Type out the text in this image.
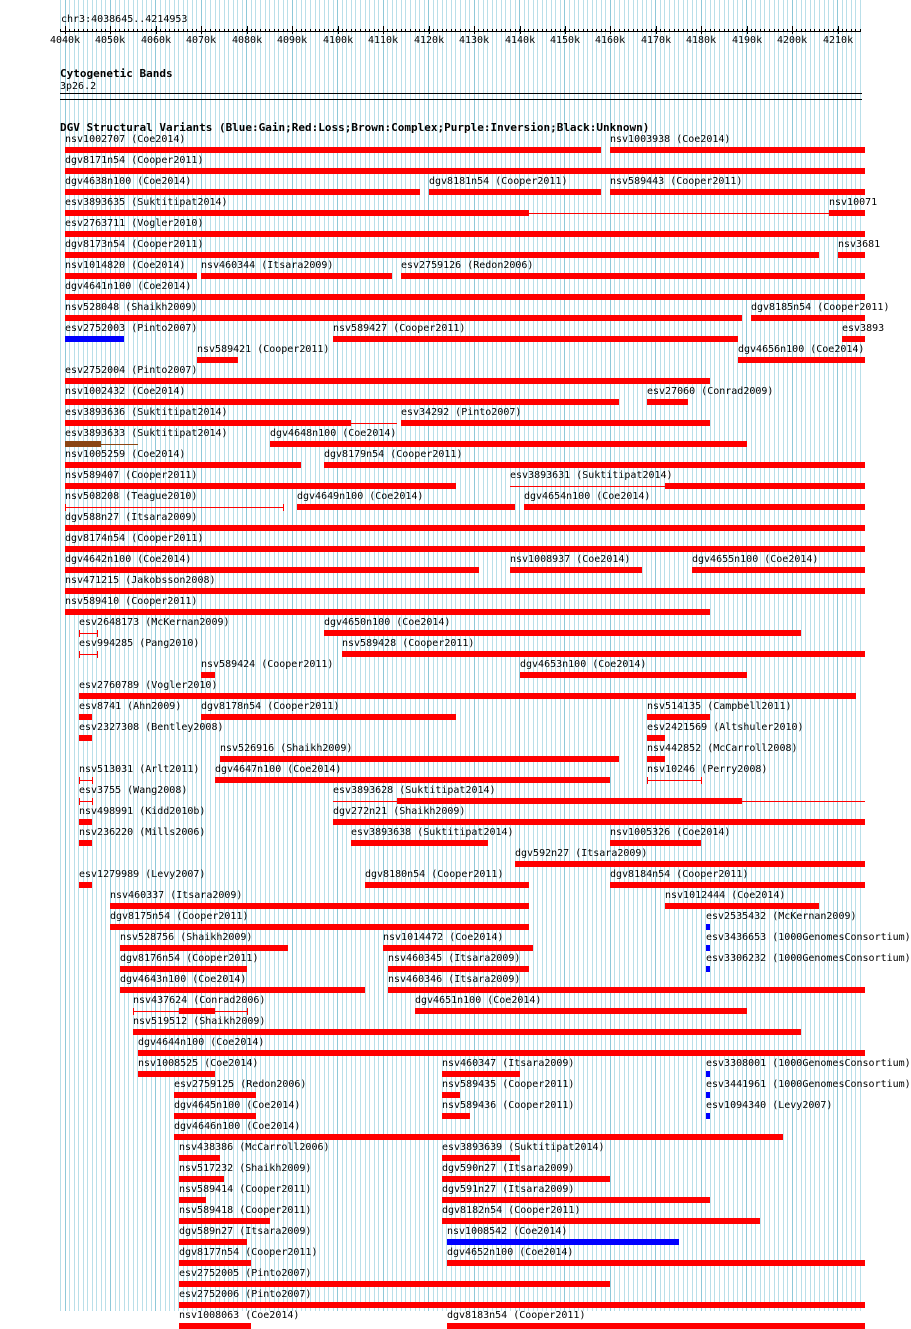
chr3:4038645..4214953
4040k 4050k 4060k 4070k 4080k 4090k 4100k 4110k 4120k 4130k 4140k 4150k 4160k 4170k 4180k 4190k 4200k 4210k
Cytogenetic Bands
3p26.2
DGV Structural Variants (Blue:Gain;Red:Loss;Brown:Complex;Purple:Inversion;Black:Unknown)
nsv1002707 (Coe2014)	nsv1003938 (Coe2014)
dgv8171n54 (Cooper2011)
dgv4638n100 (Coe2014)	dgv8181n54 (Cooper2011)	nsv589443 (Cooper2011)
esv3893635 (Suktitipat2014)
esv2763711 (Vogler2010)
dgv8173n54 (Cooper2011)
nsv10071
nsv1014820 (Coe2014) nsv460344 (Itsara2009)	esv2759126 (Redon2006)
dgv4641n100 (Coe2014)
nsv528048 (Shaikh2009)	dgv8185n54 (Cooper2011)
esv2752003 (Pinto2007)
nsv589421 (Cooper2011)
nsv589427 (Cooper2011)
dgv4656n100 (Coe2014)
esv2752004 (Pinto2007)
nsv3681
nsv1002432 (Coe2014)	esv27060 (Conrad2009)
esv3893
esv3893636 (Suktitipat2014)	esv34292 (Pinto2007)
esv3893633 (Suktitipat2014)	dgv4648n100 (Coe2014)
nsv1005259 (Coe2014)	dgv8179n54 (Cooper2011)
nsv589407 (Cooper2011)	esv3893631 (Suktitipat2014)
nsv508208 (Teague2010)	dgv4649n100 (Coe2014)	dgv4654n100 (Coe2014)
dgv588n27 (Itsara2009)
dgv8174n54 (Cooper2011)
dgv4642n100 (Coe2014)	nsv1008937 (Coe2014)	dgv4655n100 (Coe2014)
nsv471215 (Jakobsson2008)
nsv589410 (Cooper2011)
esv2648173 (McKernan2009)	dgv4650n100 (Coe2014)
esv994285 (Pang2010)
nsv589424 (Cooper2011)
nsv589428 (Cooper2011)
esv2760789 (Vogler2010)
esv8741 (Ahn2009) dgv8178n54 (Cooper2011)
dgv4653n100 (Coe2014)
esv2327308 (Bentley2008)
nsv526916 (Shaikh2009)
nsv514135 (Campbell2011)
nsv513031 (Arlt2011) dgv4647n100 (Coe2014)
esv2421569 (Altshuler2010)
esv3755 (Wang2008)	esv3893628 (Suktitipat2014)
nsv498991 (Kidd2010b)	dgv272n21 (Shaikh2009)
nsv236220 (Mills2006)	esv3893638 (Suktitipat2014)
dgv592n27 (Itsara2009)
esv1279989 (Levy2007)	dgv8180n54 (Cooper2011)
nsv1005326 (Coe2014)
nsv460337 (Itsara2009)
dgv8184n54 (Cooper2011)
dgv8175n54 (Cooper2011)
nsv442852 (McCarroll2008)
nsv528756 (Shaikh2009)	nsv1014472 (Coe2014)
nsv10246 (Perry2008)
dgv8176n54 (Cooper2011)	nsv460345 (Itsara2009)
nsv1012444 (Coe2014)
dgv4643n100 (Coe2014)	nsv460346 (Itsara2009)
nsv437624 (Conrad2006)	dgv4651n100 (Coe2014)
nsv519512 (Shaikh2009)
dgv4644n100 (Coe2014)
nsv1008525 (Coe2014)	nsv460347 (Itsara2009)
esv2535432 (McKernan2009)
esv2759125 (Redon2006)	nsv589435 (Cooper2011)
esv3436653 (1000GenomesConsortium)
dgv4645n100 (Coe2014)	nsv589436 (Cooper2011)
esv3306232 (1000GenomesConsortium)
dgv4646n100 (Coe2014)
esv3308001 (1000GenomesConsortium)
nsv438386 (McCarroll2006)	esv3893639 (Suktitipat2014)
esv3441961 (1000GenomesConsortium)
nsv517232 (Shaikh2009)	dgv590n27 (Itsara2009)
esv1094340 (Levy2007)
nsv589414 (Cooper2011)	dgv591n27 (Itsara2009)
nsv589418 (Cooper2011)	dgv8182n54 (Cooper2011)
dgv589n27 (Itsara2009)	nsv1008542 (Coe2014)
dgv8177n54 (Cooper2011)	dgv4652n100 (Coe2014)
esv2752005 (Pinto2007)
esv2752006 (Pinto2007)
nsv1008063 (Coe2014)	dgv8183n54 (Cooper2011)
